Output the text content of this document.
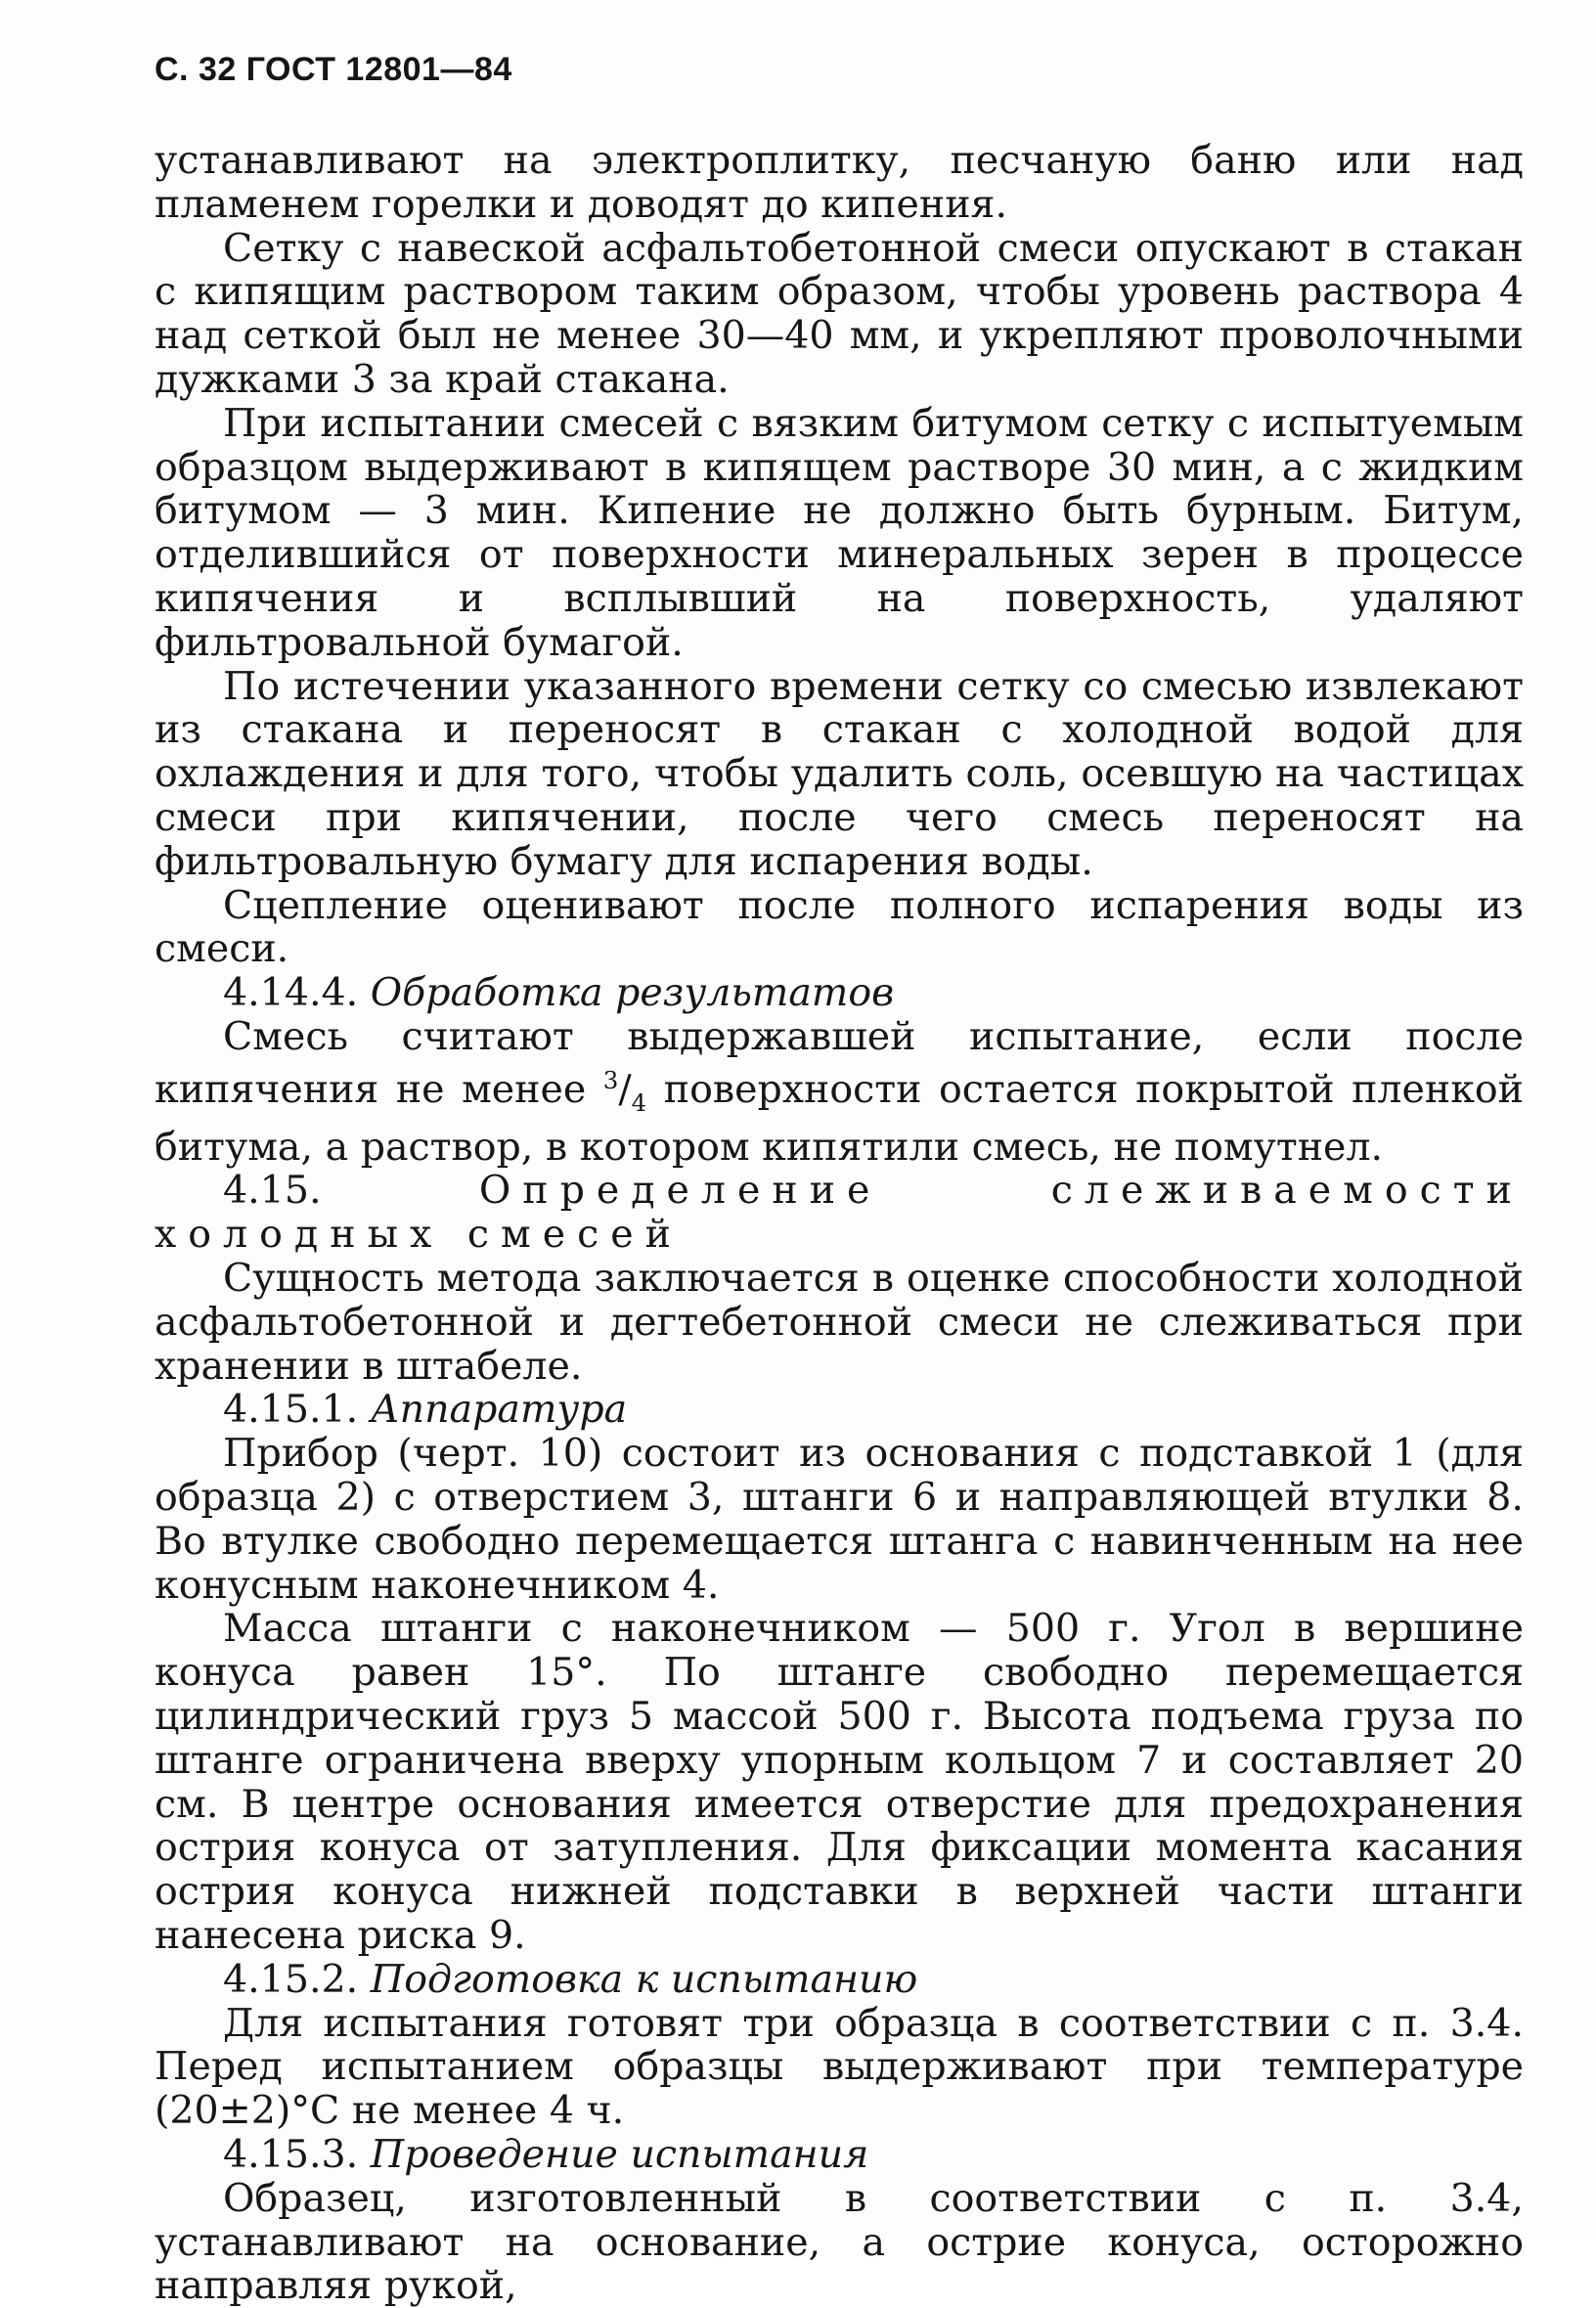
С. 32 ГОСТ 12801—84

устанавливают на электроплитку, песчаную баню или над пламенем горелки и доводят до кипения.

Сетку с навеской асфальтобетонной смеси опускают в стакан с кипящим раствором таким образом, чтобы уровень раствора 4 над сеткой был не менее 30—40 мм, и укрепляют проволочными дужками 3 за край стакана.

При испытании смесей с вязким битумом сетку с испытуемым образцом выдерживают в кипящем растворе 30 мин, а с жидким битумом — 3 мин. Кипение не должно быть бурным. Битум, отделившийся от поверхности минеральных зерен в процессе кипячения и всплывший на поверхность, удаляют фильтровальной бумагой.

По истечении указанного времени сетку со смесью извлекают из стакана и переносят в стакан с холодной водой для охлаждения и для того, чтобы удалить соль, осевшую на частицах смеси при кипячении, после чего смесь переносят на фильтровальную бумагу для испарения воды.

Сцепление оценивают после полного испарения воды из смеси.

4.14.4. Обработка результатов

Смесь считают выдержавшей испытание, если после кипячения не менее $^3/_4$ поверхности остается покрытой пленкой битума, а раствор, в котором кипятили смесь, не помутнел.

4.15.	Определение слеживаемости холодных смесей

Сущность метода заключается в оценке способности холодной асфальтобетонной и дегтебетонной смеси не слеживаться при хранении в штабеле.

4.15.1. Аппаратура

Прибор (черт. 10) состоит из основания с подставкой 1 (для образца 2) с отверстием 3, штанги 6 и направляющей втулки 8. Во втулке свободно перемещается штанга с навинченным на нее конусным наконечником 4.

Масса штанги с наконечником — 500 г. Угол в вершине конуса равен 15°. По штанге свободно перемещается цилиндрический груз 5 массой 500 г. Высота подъема груза по штанге ограничена вверху упорным кольцом 7 и составляет 20 см. В центре основания имеется отверстие для предохранения острия конуса от затупления. Для фиксации момента касания острия конуса нижней подставки в верхней части штанги нанесена риска 9.

4.15.2. Подготовка к испытанию

Для испытания готовят три образца в соответствии с п. 3.4. Перед испытанием образцы выдерживают при температуре (20±2)°С не менее 4 ч.

4.15.3. Проведение испытания

Образец, изготовленный в соответствии с п. 3.4, устанавливают на основание, а острие конуса, осторожно направляя рукой,
